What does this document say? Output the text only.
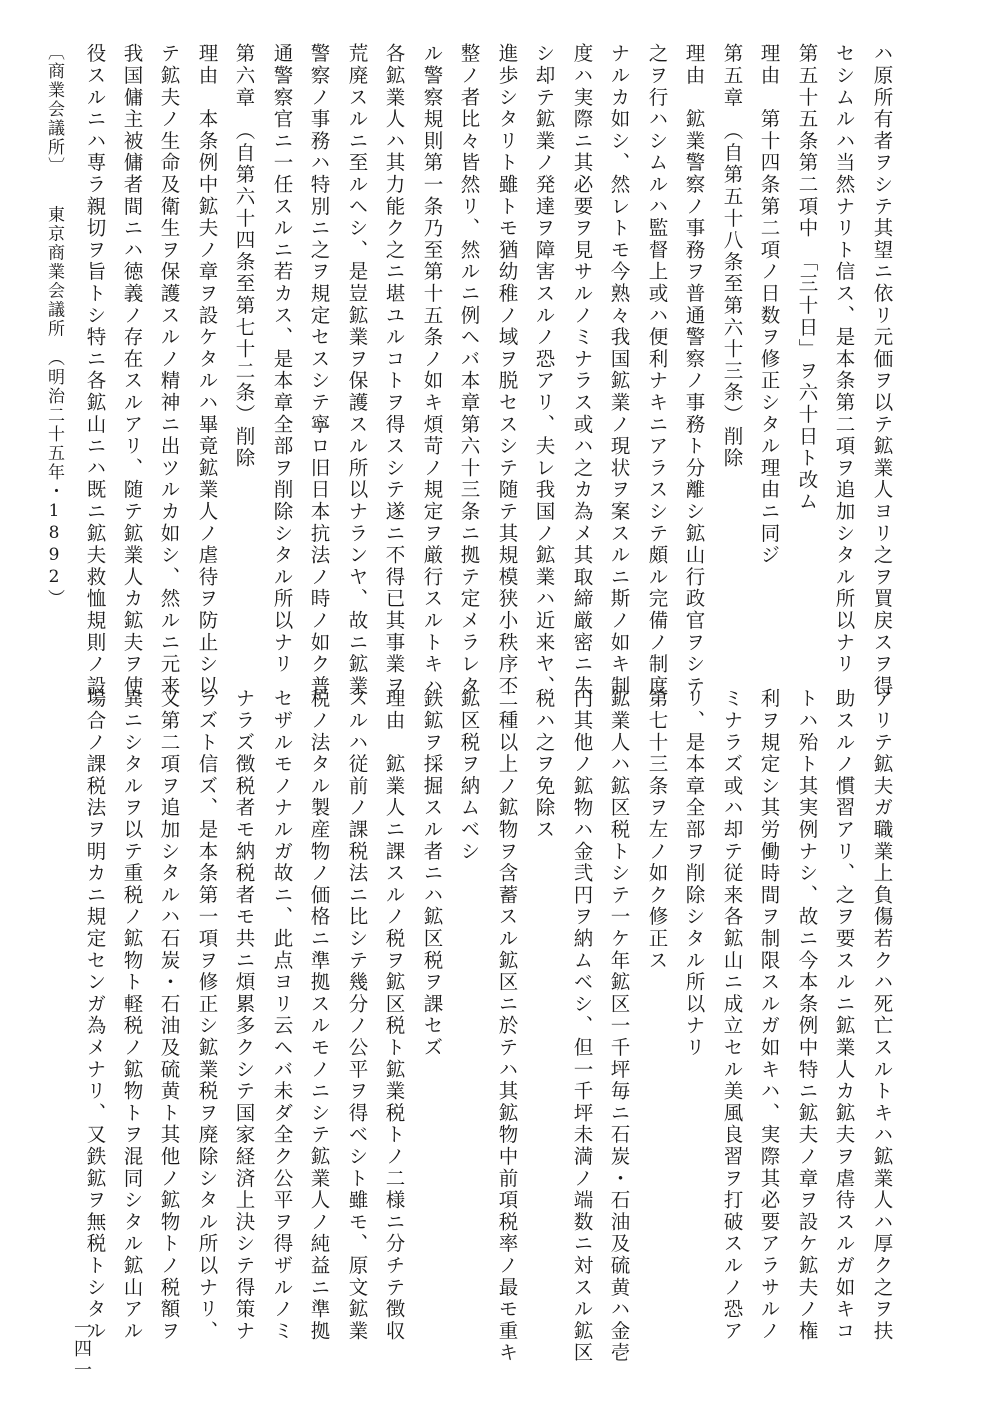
ハ原所有者ヲシテ其望ニ依リ元価ヲ以テ鉱業人ヨリ之ヲ買戻スヲ得
セシムルハ当然ナリト信ス、是本条第二項ヲ追加シタル所以ナリ
第五十五条第二項中　「三十日」ヲ六十日ト改ム
理由　第十四条第二項ノ日数ヲ修正シタル理由ニ同ジ
第五章　（自第五十八条至第六十三条）削除
理由　鉱業警察ノ事務ヲ普通警察ノ事務ト分離シ鉱山行政官ヲシテ
之ヲ行ハシムルハ監督上或ハ便利ナキニアラスシテ頗ル完備ノ制度
ナルカ如シ、然レトモ今熟々我国鉱業ノ現状ヲ案スルニ斯ノ如キ制
度ハ実際ニ其必要ヲ見サルノミナラス或ハ之カ為メ其取締厳密ニ失
シ却テ鉱業ノ発達ヲ障害スルノ恐アリ、夫レ我国ノ鉱業ハ近来ヤ、
進歩シタリト雖トモ猶幼稚ノ域ヲ脱セスシテ随テ其規模狭小秩序不
整ノ者比々皆然リ、然ルニ例ヘバ本章第六十三条ニ拠テ定メラレタ
ル警察規則第一条乃至第十五条ノ如キ煩苛ノ規定ヲ厳行スルトキハ
各鉱業人ハ其力能ク之ニ堪ユルコトヲ得スシテ遂ニ不得已其事業ヲ
荒廃スルニ至ルヘシ、是豈鉱業ヲ保護スル所以ナランヤ、故ニ鉱業
警察ノ事務ハ特別ニ之ヲ規定セスシテ寧ロ旧日本抗法ノ時ノ如ク普
通警察官ニ一任スルニ若カス、是本章全部ヲ削除シタル所以ナリ
第六章　（自第六十四条至第七十二条）削除
理由　本条例中鉱夫ノ章ヲ設ケタルハ畢竟鉱業人ノ虐待ヲ防止シ以
テ鉱夫ノ生命及衛生ヲ保護スルノ精神ニ出ツルカ如シ、然ルニ元来
我国傭主被傭者間ニハ徳義ノ存在スルアリ、随テ鉱業人カ鉱夫ヲ使
役スルニハ専ラ親切ヲ旨トシ特ニ各鉱山ニハ既ニ鉱夫救恤規則ノ設
〔商業会議所〕　　東京商業会議所　（明治二十五年・1892）
アリテ鉱夫ガ職業上負傷若クハ死亡スルトキハ鉱業人ハ厚ク之ヲ扶
助スルノ慣習アリ、之ヲ要スルニ鉱業人カ鉱夫ヲ虐待スルガ如キコ
トハ殆ト其実例ナシ、故ニ今本条例中特ニ鉱夫ノ章ヲ設ケ鉱夫ノ権
利ヲ規定シ其労働時間ヲ制限スルガ如キハ、実際其必要アラサルノ
ミナラズ或ハ却テ従来各鉱山ニ成立セル美風良習ヲ打破スルノ恐ア
リ、是本章全部ヲ削除シタル所以ナリ
第七十三条ヲ左ノ如ク修正ス
鉱業人ハ鉱区税トシテ一ケ年鉱区一千坪毎ニ石炭・石油及硫黄ハ金壱
円其他ノ鉱物ハ金弐円ヲ納ムベシ、但一千坪未満ノ端数ニ対スル鉱区
税ハ之ヲ免除ス
二種以上ノ鉱物ヲ含蓄スル鉱区ニ於テハ其鉱物中前項税率ノ最モ重キ
鉱区税ヲ納ムベシ
鉄鉱ヲ採掘スル者ニハ鉱区税ヲ課セズ
理由　鉱業人ニ課スルノ税ヲ鉱区税ト鉱業税トノ二様ニ分チテ徴収
スルハ従前ノ課税法ニ比シテ幾分ノ公平ヲ得ベシト雖モ、原文鉱業
税ノ法タル製産物ノ価格ニ準拠スルモノニシテ鉱業人ノ純益ニ準拠
セザルモノナルガ故ニ、此点ヨリ云ヘバ未ダ全ク公平ヲ得ザルノミ
ナラズ徴税者モ納税者モ共ニ煩累多クシテ国家経済上決シテ得策ナ
ラズト信ズ、是本条第一項ヲ修正シ鉱業税ヲ廃除シタル所以ナリ、
又第二項ヲ追加シタルハ石炭・石油及硫黄ト其他ノ鉱物トノ税額ヲ
異ニシタルヲ以テ重税ノ鉱物ト軽税ノ鉱物トヲ混同シタル鉱山アル
場合ノ課税法ヲ明カニ規定センガ為メナリ、又鉄鉱ヲ無税トシタル
一四一
